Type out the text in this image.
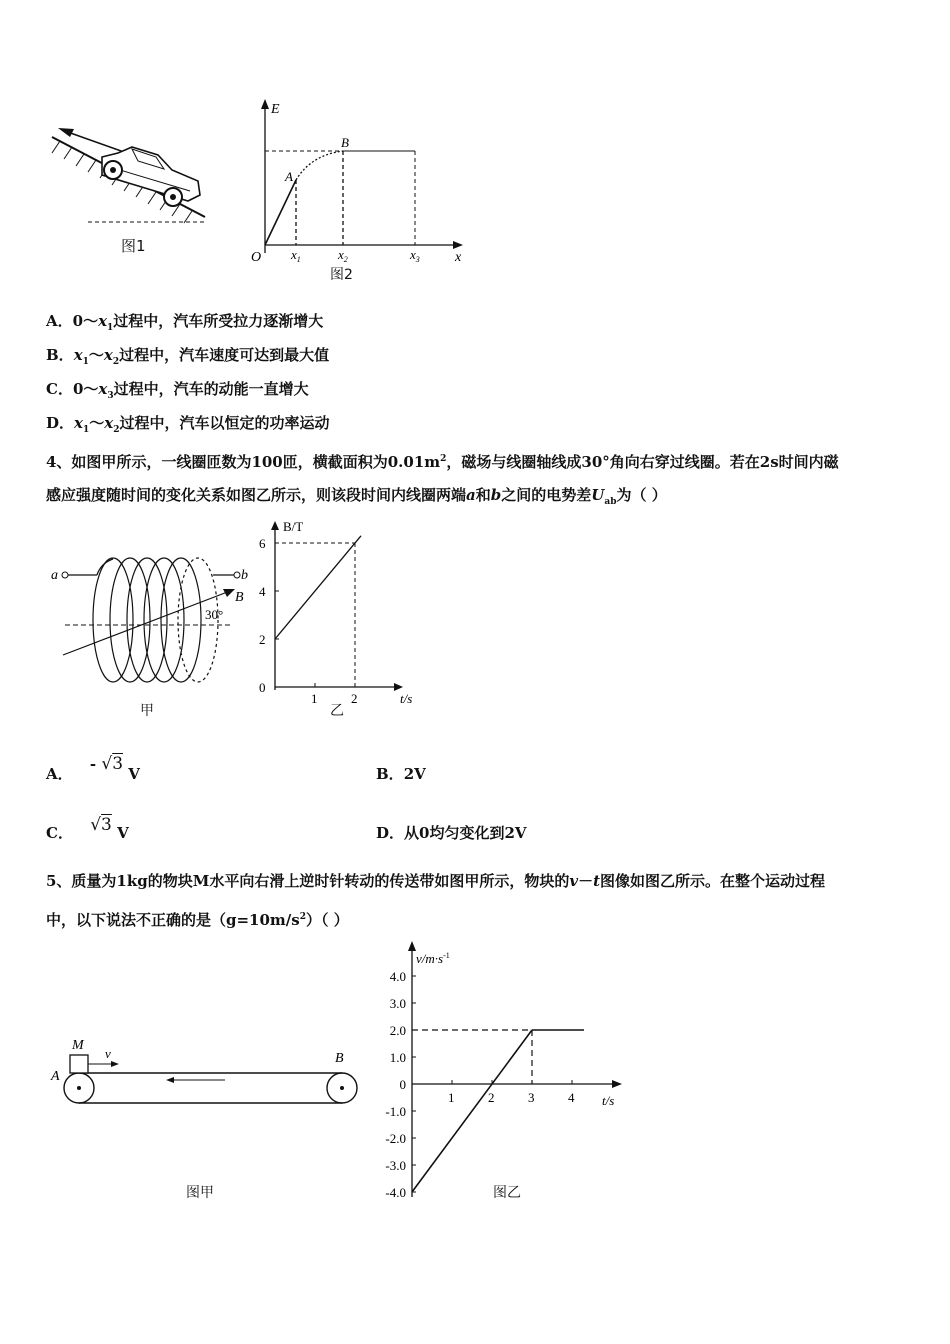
图1
E
x
O
A
B
$x_1$	$x_2$	$x_3$
图2
A．$0\sim x_1$过程中，汽车所受拉力逐渐增大
B．$x_1\sim x_2$过程中，汽车速度可达到最大值
C．$0\sim x_3$过程中，汽车的动能一直增大
D．$x_1\sim x_2$过程中，汽车以恒定的功率运动
4、如图甲所示，一线圈匝数为100匝，横截面积为$0.01m^2$，磁场与线圈轴线成30°角向右穿过线圈。若在2s时间内磁
感应强度随时间的变化关系如图乙所示，则该段时间内线圈两端a和b之间的电势差$U_{ab}$为（ ）
a	b
B
30°
甲
6
4
2
0
1	2
B/T
t/s
乙
A． - √3 V	B．2V
C． √3 V	D．从0均匀变化到2V
5、质量为1kg的物块M水平向右滑上逆时针转动的传送带如图甲所示，物块的v－t图像如图乙所示。在整个运动过程
中，以下说法不正确的是$(g=10m/s^2)$（ ）
M
v
A
B
图甲
4.0
3.0
2.0
1.0
0
-1.0
-2.0
-3.0
-4.0
1	2	3	4
$v/m\cdot s^{-1}$
t/s
图乙
